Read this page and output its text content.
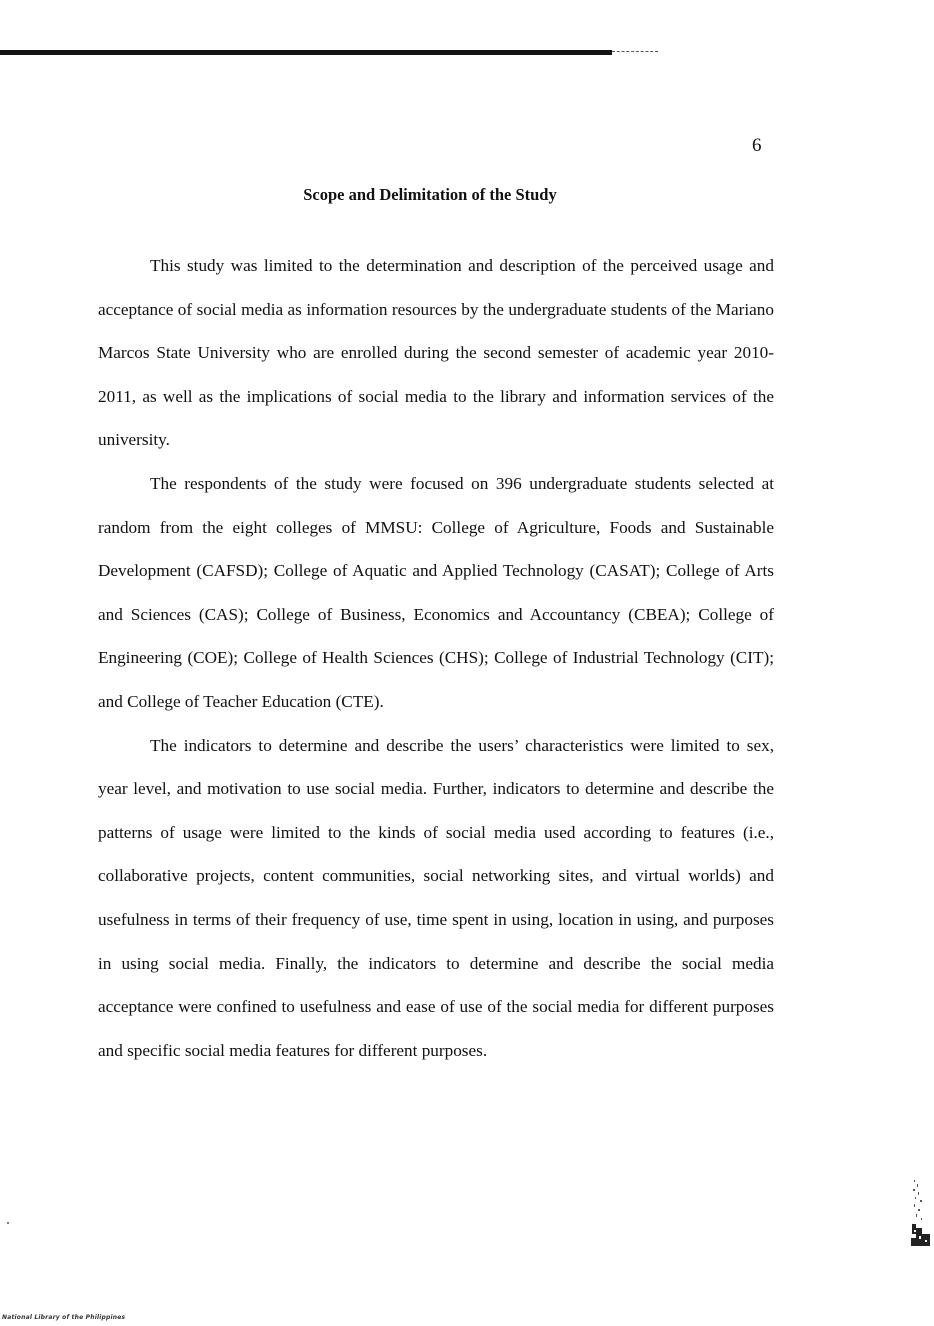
6
Scope and Delimitation of the Study

This study was limited to the determination and description of the perceived usage and acceptance of social media as information resources by the undergraduate students of the Mariano Marcos State University who are enrolled during the second semester of academic year 2010-2011, as well as the implications of social media to the library and information services of the university.

The respondents of the study were focused on 396 undergraduate students selected at random from the eight colleges of MMSU: College of Agriculture, Foods and Sustainable Development (CAFSD); College of Aquatic and Applied Technology (CASAT); College of Arts and Sciences (CAS); College of Business, Economics and Accountancy (CBEA); College of Engineering (COE); College of Health Sciences (CHS); College of Industrial Technology (CIT); and College of Teacher Education (CTE).

The indicators to determine and describe the users’ characteristics were limited to sex, year level, and motivation to use social media. Further, indicators to determine and describe the patterns of usage were limited to the kinds of social media used according to features (i.e., collaborative projects, content communities, social networking sites, and virtual worlds) and usefulness in terms of their frequency of use, time spent in using, location in using, and purposes in using social media. Finally, the indicators to determine and describe the social media acceptance were confined to usefulness and ease of use of the social media for different purposes and specific social media features for different purposes.

National Library of the Philippines
